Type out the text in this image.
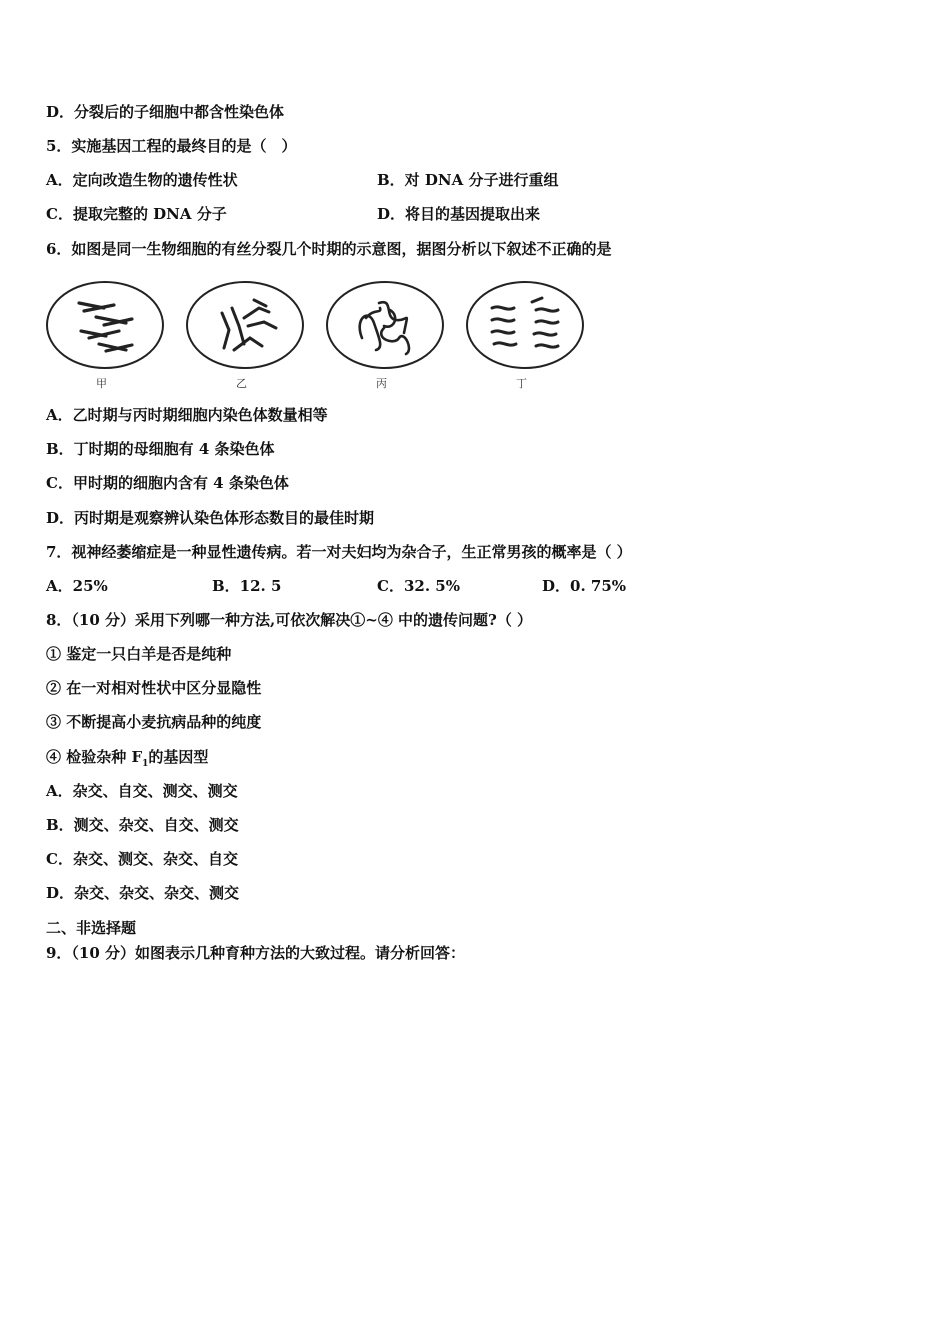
D．分裂后的子细胞中都含性染色体
5．实施基因工程的最终目的是（　）
A．定向改造生物的遗传性状	B．对 DNA 分子进行重组
C．提取完整的 DNA 分子	D．将目的基因提取出来
6．如图是同一生物细胞的有丝分裂几个时期的示意图，据图分析以下叙述不正确的是
甲	乙	丙	丁
A．乙时期与丙时期细胞内染色体数量相等
B．丁时期的母细胞有 4 条染色体
C．甲时期的细胞内含有 4 条染色体
D．丙时期是观察辨认染色体形态数目的最佳时期
7．视神经萎缩症是一种显性遗传病。若一对夫妇均为杂合子，生正常男孩的概率是（ ）
A．25%	B．12. 5	C．32. 5%	D．0. 75%
8．（10 分）采用下列哪一种方法,可依次解决①~④ 中的遗传问题?（ ）
① 鉴定一只白羊是否是纯种
② 在一对相对性状中区分显隐性
③ 不断提高小麦抗病品种的纯度
④ 检验杂种 $F_1$的基因型
A．杂交、自交、测交、测交
B．测交、杂交、自交、测交
C．杂交、测交、杂交、自交
D．杂交、杂交、杂交、测交
二、非选择题
9．（10 分）如图表示几种育种方法的大致过程。请分析回答：
